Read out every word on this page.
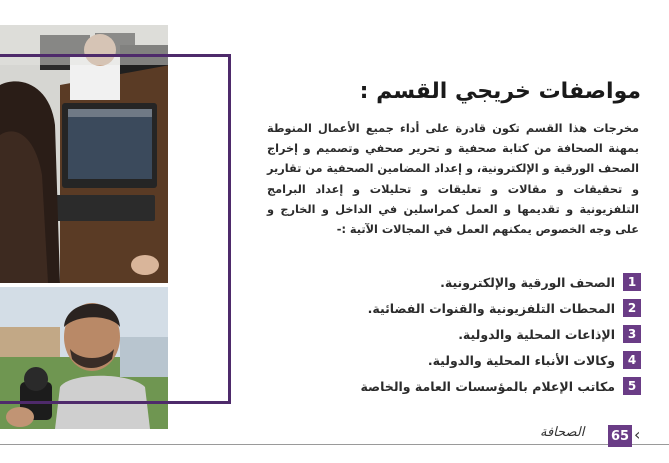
مواصفات خريجي القسم :

مخرجات هذا القسم تكون قادرة على أداء جميع الأعمال المنوطة بمهنة الصحافة من كتابة صحفية و تحرير صحفي وتصميم و إخراج الصحف الورقية و الإلكترونية، و إعداد المضامين الصحفية من تقارير و تحقيقات و مقالات و تعليقات و تحليلات و إعداد البرامج التلفزيونية و تقديمها و العمل كمراسلين في الداخل و الخارج و على وجه الخصوص يمكنهم العمل في المجالات الآتية :-

1
الصحف الورقية والإلكترونية.
2
المحطات التلفزيونية والقنوات الفضائية.
3
الإذاعات المحلية والدولية.
4
وكالات الأنباء المحلية والدولية.
5
مكاتب الإعلام بالمؤسسات العامة والخاصة
الصحافة 65 ‹
